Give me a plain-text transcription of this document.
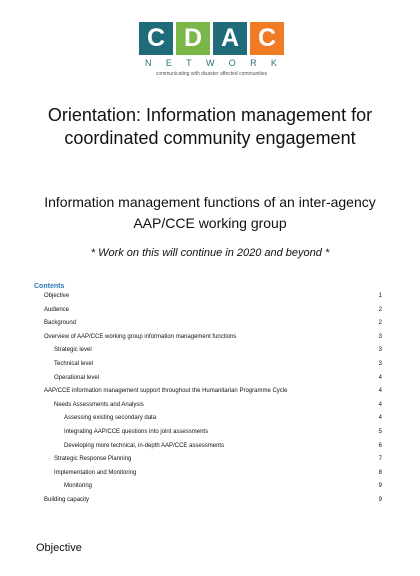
C D A C
N E T W O R K
communicating with disaster affected communities
Orientation: Information management for coordinated community engagement
Information management functions of an inter-agency AAP/CCE working group
* Work on this will continue in 2020 and beyond *
Contents
Objective	1
Audience	2
Background	2
Overview of AAP/CCE working group information management functions	3
Strategic level	3
Technical level	3
Operational level	4
AAP/CCE information management support throughout the Humanitarian Programme Cycle	4
Needs Assessments and Analysis	4
Assessing existing secondary data	4
Integrating AAP/CCE questions into joint assessments	5
Developing more technical, in-depth AAP/CCE assessments	6
Strategic Response Planning	7
Implementation and Monitoring	8
Monitoring	9
Building capacity	9
Objective
